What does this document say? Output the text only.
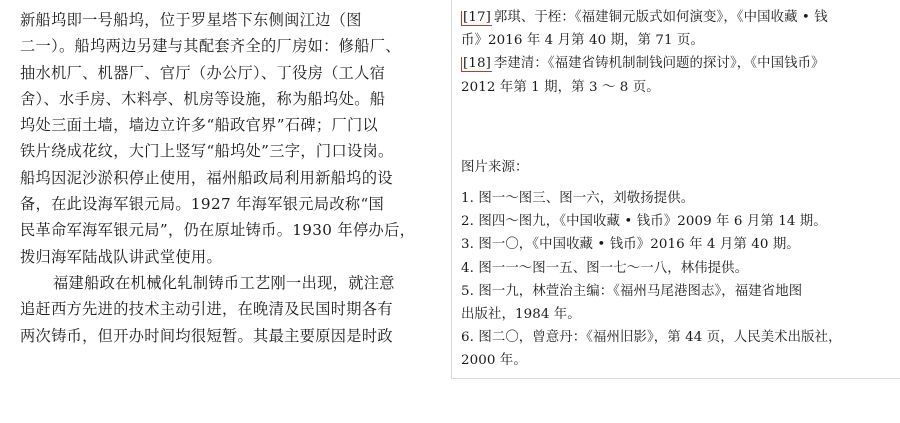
新船坞即一号船坞，位于罗星塔下东侧闽江边（图
二一）。船坞两边另建与其配套齐全的厂房如：修船厂、
抽水机厂、机器厂、官厅（办公厅）、丁役房（工人宿
舍）、水手房、木料亭、机房等设施，称为船坞处。船
坞处三面土墙，墙边立许多“船政官界”石碑；厂门以
铁片绕成花纹，大门上竖写“船坞处”三字，门口设岗。
船坞因泥沙淤积停止使用，福州船政局利用新船坞的设
备，在此设海军银元局。1927 年海军银元局改称“国
民革命军海军银元局”，仍在原址铸币。1930 年停办后，
拨归海军陆战队讲武堂使用。
福建船政在机械化轧制铸币工艺刚一出现，就注意
追赶西方先进的技术主动引进，在晚清及民国时期各有
两次铸币，但开办时间均很短暂。其最主要原因是时政
[17] 郭琪、于桎：《福建铜元版式如何演变》，《中国收藏 • 钱
币》2016 年 4 月第 40 期，第 71 页。
[18] 李建清：《福建省铸机制制钱问题的探讨》，《中国钱币》
2012 年第 1 期，第 3 ～ 8 页。
图片来源：
1. 图一～图三、图一六，刘敬扬提供。
2. 图四～图九，《中国收藏 • 钱币》2009 年 6 月第 14 期。
3. 图一〇，《中国收藏 • 钱币》2016 年 4 月第 40 期。
4. 图一一～图一五、图一七～一八，林伟提供。
5. 图一九，林萱治主编：《福州马尾港图志》，福建省地图
出版社，1984 年。
6. 图二〇，曾意丹：《福州旧影》，第 44 页，人民美术出版社，
2000 年。
